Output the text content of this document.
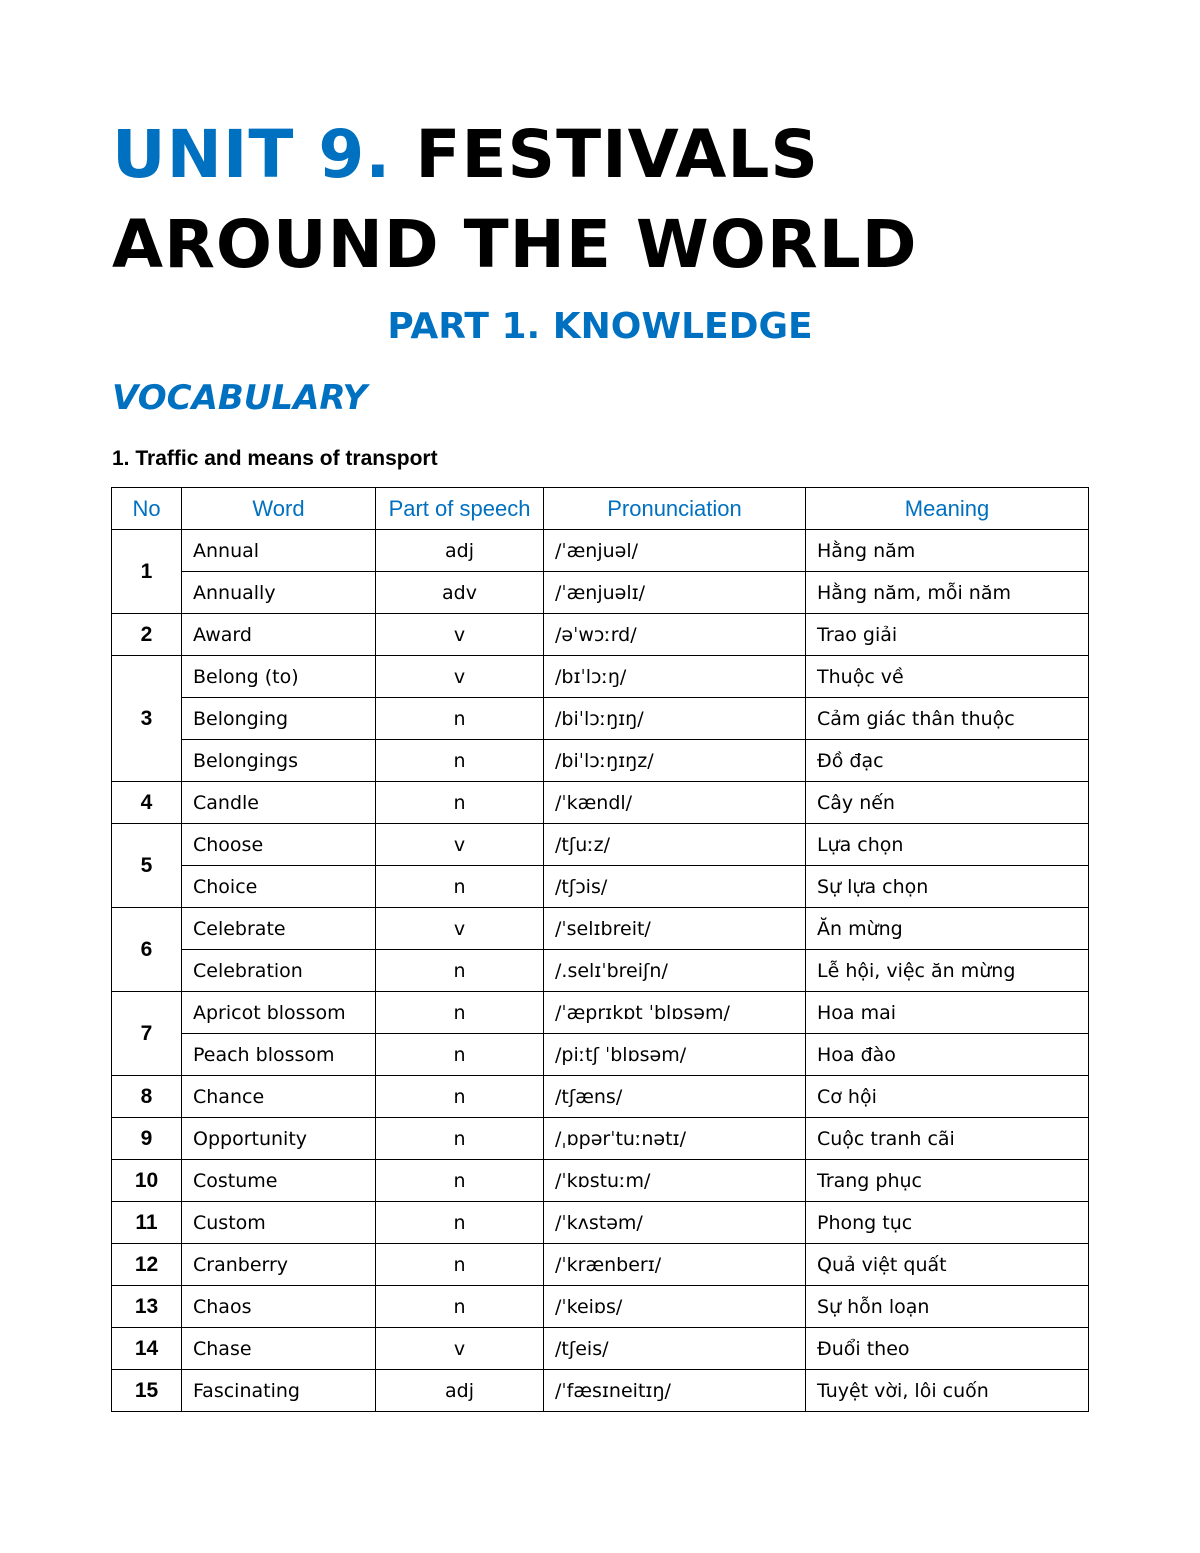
UNIT 9. FESTIVALS
AROUND THE WORLD
PART 1. KNOWLEDGE
VOCABULARY
1. Traffic and means of transport
No	Word	Part of speech	Pronunciation	Meaning
1	Annual	adj	/ˈænjuəl/	Hằng năm
	Annually	adv	/ˈænjuəlɪ/	Hằng năm, mỗi năm
2	Award	v	/əˈwɔːrd/	Trao giải
3	Belong (to)	v	/bɪˈlɔːŋ/	Thuộc về
	Belonging	n	/biˈlɔːŋɪŋ/	Cảm giác thân thuộc
	Belongings	n	/biˈlɔːŋɪŋz/	Đồ đạc
4	Candle	n	/ˈkændl/	Cây nến
5	Choose	v	/tʃuːz/	Lựa chọn
	Choice	n	/tʃɔis/	Sự lựa chọn
6	Celebrate	v	/ˈselɪbreit/	Ăn mừng
	Celebration	n	/.selɪˈbreiʃn/	Lễ hội, việc ăn mừng
7	Apricot blossom	n	/ˈæprɪkɒt ˈblɒsəm/	Hoa mai
	Peach blossom	n	/piːtʃ ˈblɒsəm/	Hoa đào
8	Chance	n	/tʃæns/	Cơ hội
9	Opportunity	n	/ˌɒpərˈtuːnətɪ/	Cuộc tranh cãi
10	Costume	n	/ˈkɒstuːm/	Trang phục
11	Custom	n	/ˈkʌstəm/	Phong tục
12	Cranberry	n	/ˈkrænberɪ/	Quả việt quất
13	Chaos	n	/ˈkeiɒs/	Sự hỗn loạn
14	Chase	v	/tʃeis/	Đuổi theo
15	Fascinating	adj	/ˈfæsɪneitɪŋ/	Tuyệt vời, lôi cuốn
